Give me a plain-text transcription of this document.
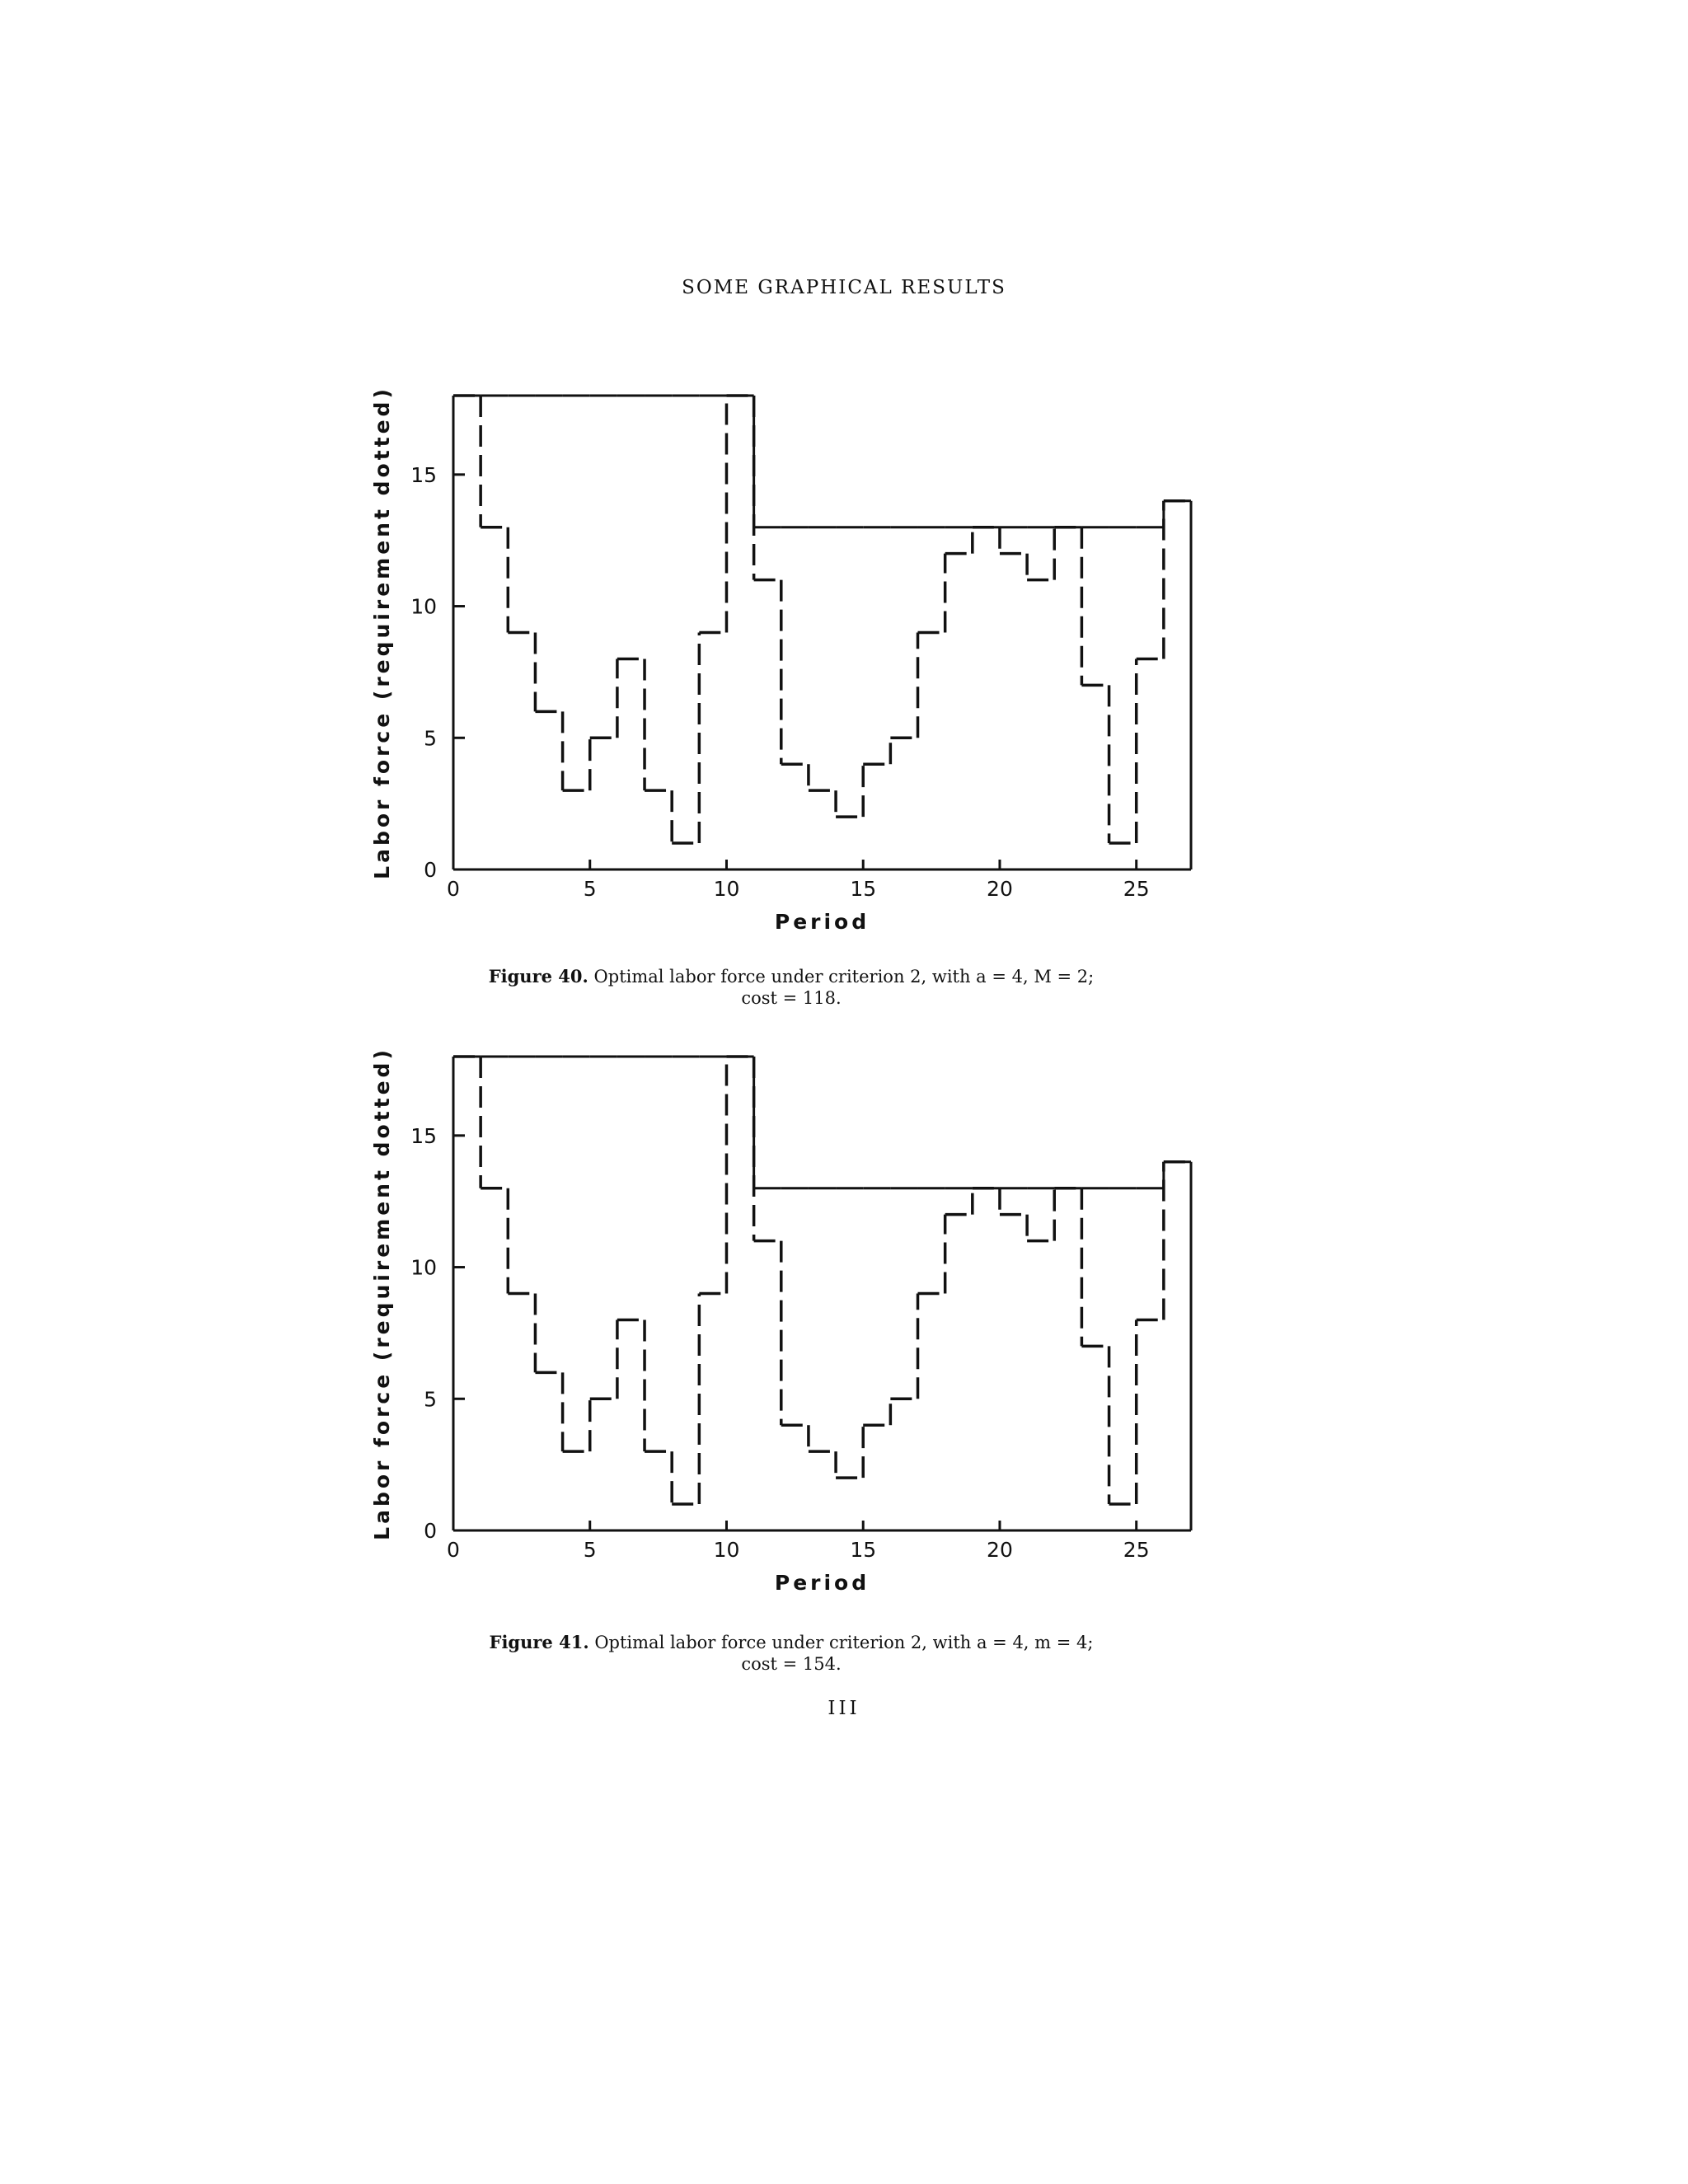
SOME GRAPHICAL RESULTS
0
5
10
15
0	5	10	15	20	25
Period
Labor force (requirement dotted)
Figure 40. Optimal labor force under criterion 2, with a = 4, M = 2;
cost = 118.
0
5
10
15
0	5	10	15	20	25
Period
Labor force (requirement dotted)
Figure 41. Optimal labor force under criterion 2, with a = 4, m = 4;
cost = 154.
III
